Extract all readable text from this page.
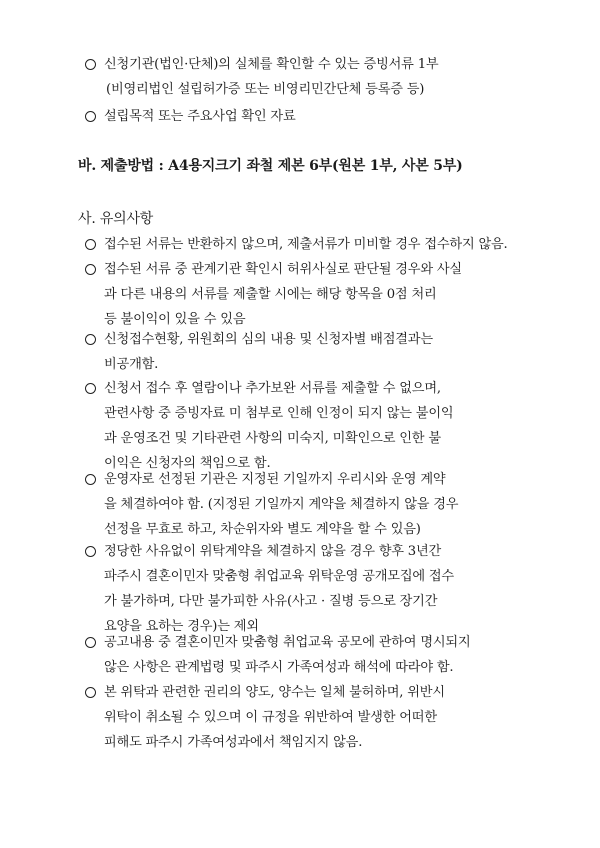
신청기관(법인·단체)의 실체를 확인할 수 있는 증빙서류 1부
(비영리법인 설립허가증 또는 비영리민간단체 등록증 등)
설립목적 또는 주요사업 확인 자료
바. 제출방법 : A4용지크기 좌철 제본 6부(원본 1부, 사본 5부)
사. 유의사항
접수된 서류는 반환하지 않으며, 제출서류가 미비할 경우 접수하지 않음.
접수된 서류 중 관계기관 확인시 허위사실로 판단될 경우와 사실
과 다른 내용의 서류를 제출할 시에는 해당 항목을 0점 처리
등 불이익이 있을 수 있음
신청접수현황, 위원회의 심의 내용 및 신청자별 배점결과는
비공개함.
신청서 접수 후 열람이나 추가보완 서류를 제출할 수 없으며,
관련사항 중 증빙자료 미 첨부로 인해 인정이 되지 않는 불이익
과 운영조건 및 기타관련 사항의 미숙지, 미확인으로 인한 불
이익은 신청자의 책임으로 함.
운영자로 선정된 기관은 지정된 기일까지 우리시와 운영 계약
을 체결하여야 함. (지정된 기일까지 계약을 체결하지 않을 경우
선정을 무효로 하고, 차순위자와 별도 계약을 할 수 있음)
정당한 사유없이 위탁계약을 체결하지 않을 경우 향후 3년간
파주시 결혼이민자 맞춤형 취업교육 위탁운영 공개모집에 접수
가 불가하며, 다만 불가피한 사유(사고 · 질병 등으로 장기간
요양을 요하는 경우)는 제외
공고내용 중 결혼이민자 맞춤형 취업교육 공모에 관하여 명시되지
않은 사항은 관계법령 및 파주시 가족여성과 해석에 따라야 함.
본 위탁과 관련한 권리의 양도, 양수는 일체 불허하며, 위반시
위탁이 취소될 수 있으며 이 규정을 위반하여 발생한 어떠한
피해도 파주시 가족여성과에서 책임지지 않음.
